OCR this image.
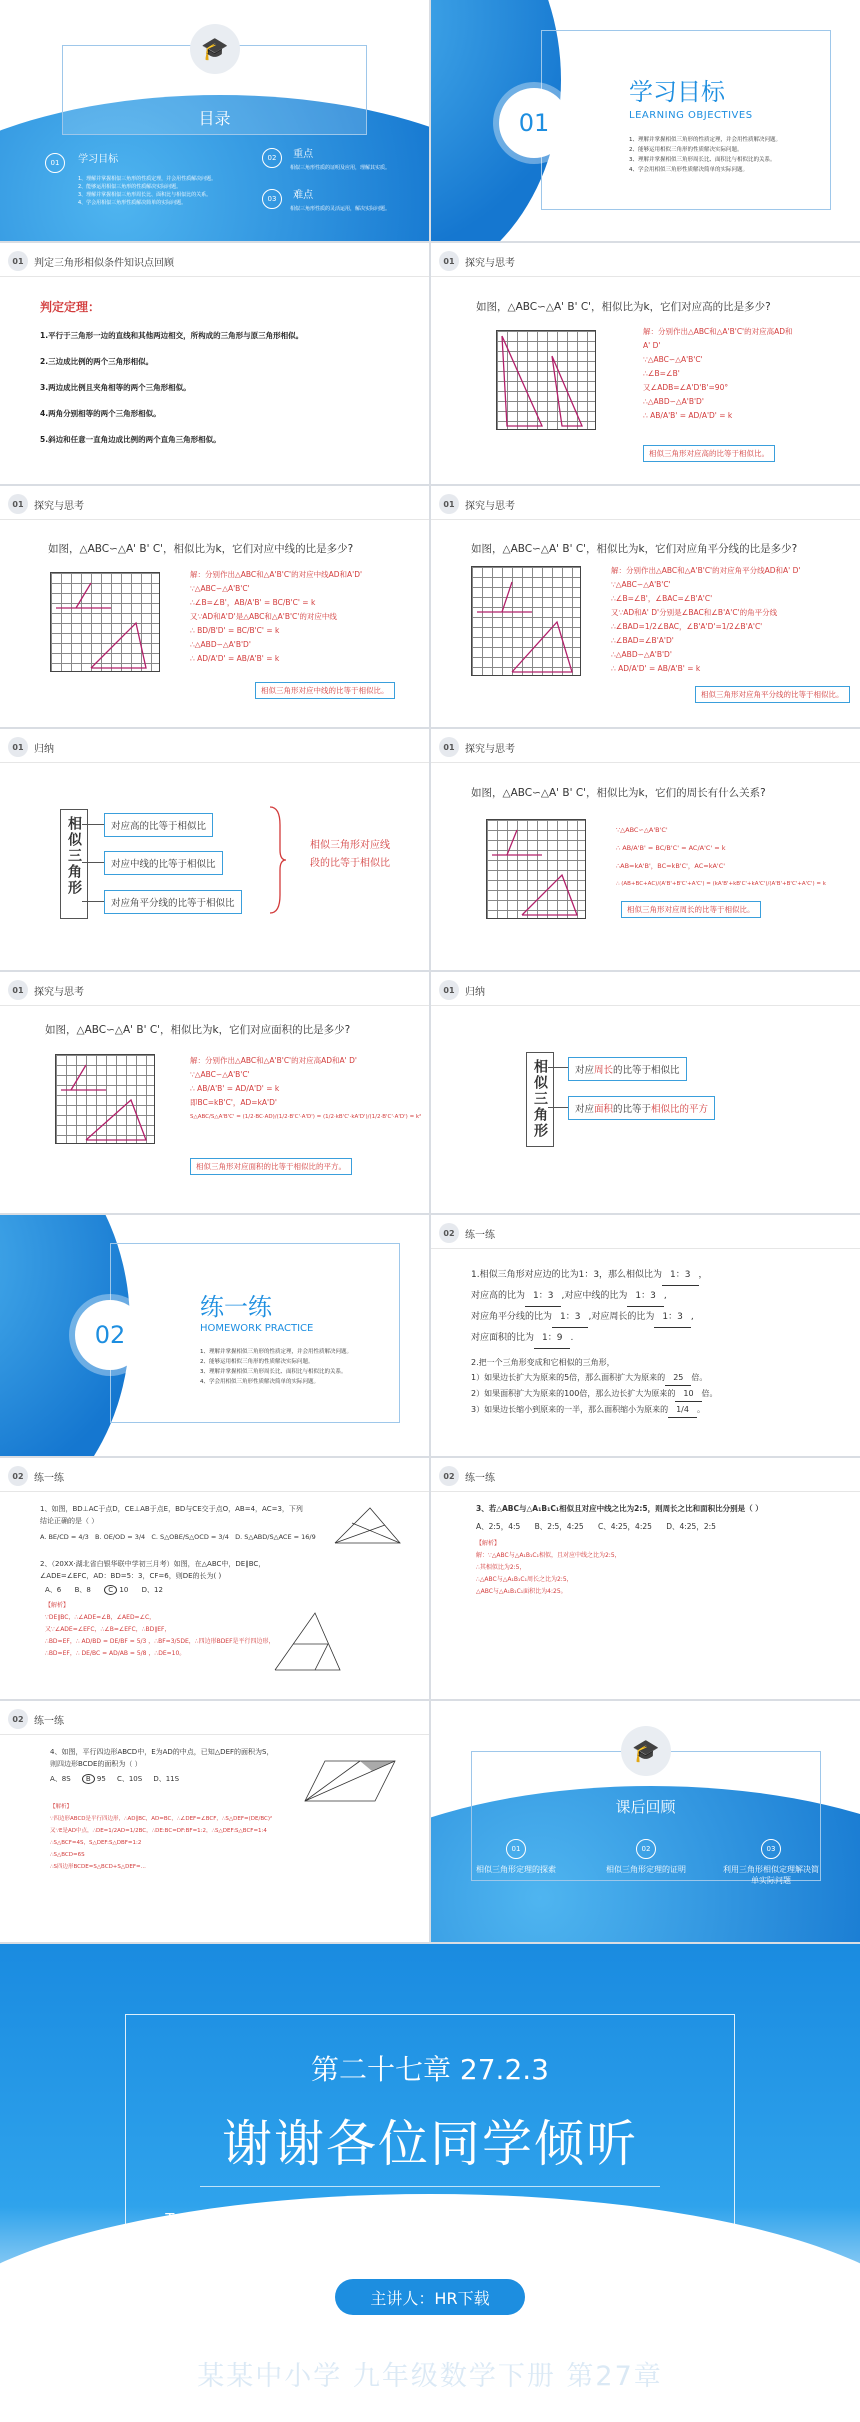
🎓
目录
01 $^{学习目标}$
1、理解并掌握相似三角形的性质定理，并会用性质解决问题。
2、能够运用相似三角形的性质解决实际问题。
3、理解并掌握相似三角形周长比、面积比与相似比的关系。
4、学会用相似三角形性质解决简单的实际问题。
02 $^{重点}$
相似三角形性质的证明及应用，理解其实质。
03 $^{难点}$
相似三角形性质的灵活运用，解决实际问题。
01
学习目标
LEARNING OBJECTIVES
1、理解并掌握相似三角形的性质定理，并会用性质解决问题。
2、能够运用相似三角形的性质解决实际问题。
3、理解并掌握相似三角形周长比、面积比与相似比的关系。
4、学会用相似三角形性质解决简单的实际问题。
01	判定三角形相似条件知识点回顾
判定定理：
1.平行于三角形一边的直线和其他两边相交，所构成的三角形与原三角形相似。
2.三边成比例的两个三角形相似。
3.两边成比例且夹角相等的两个三角形相似。
4.两角分别相等的两个三角形相似。
5.斜边和任意一直角边成比例的两个直角三角形相似。
01	探究与思考
如图，△ABC∽△A' B' C'，相似比为k，它们对应高的比是多少?
解：分别作出△ABC和△A'B'C'的对应高AD和
A' D'
∵△ABC∽△A'B'C'
∴∠B=∠B'
又∠ADB=∠A'D'B'=90°
∴△ABD∽△A'B'D'
∴ AB/A'B' = AD/A'D' = k
相似三角形对应高的比等于相似比。
01	探究与思考
如图，△ABC∽△A' B' C'，相似比为k，它们对应中线的比是多少?
解：分别作出△ABC和△A'B'C'的对应中线AD和A'D'
∵△ABC∽△A'B'C'
∴∠B=∠B'，AB/A'B' = BC/B'C' = k
又∵AD和A'D'是△ABC和△A'B'C'的对应中线
∴ BD/B'D' = BC/B'C' = k
∴△ABD∽△A'B'D'
∴ AD/A'D' = AB/A'B' = k
相似三角形对应中线的比等于相似比。
01	探究与思考
如图，△ABC∽△A' B' C'，相似比为k，它们对应角平分线的比是多少?
解：分别作出△ABC和△A'B'C'的对应角平分线AD和A' D'
∵△ABC∽△A'B'C'
∴∠B=∠B'，∠BAC=∠B'A'C'
又∵AD和A' D'分别是∠BAC和∠B'A'C'的角平分线
∴∠BAD=1/2∠BAC，∠B'A'D'=1/2∠B'A'C'
∴∠BAD=∠B'A'D'
∴△ABD∽△A'B'D'
∴ AD/A'D' = AB/A'B' = k
相似三角形对应角平分线的比等于相似比。
01	归纳
相似三角形	对应高的比等于相似比
对应中线的比等于相似比
对应角平分线的比等于相似比
相似三角形对应线段的比等于相似比
01	探究与思考
如图，△ABC∽△A' B' C'，相似比为k，它们的周长有什么关系?
∵△ABC∽△A'B'C'
∴ AB/A'B' = BC/B'C' = AC/A'C' = k
∴AB=kA'B'，BC=kB'C'，AC=kA'C'
∴ (AB+BC+AC)/(A'B'+B'C'+A'C') = (kA'B'+kB'C'+kA'C')/(A'B'+B'C'+A'C') = k
相似三角形对应周长的比等于相似比。
01	探究与思考
如图，△ABC∽△A' B' C'，相似比为k，它们对应面积的比是多少?
解：分别作出△ABC和△A'B'C'的对应高AD和A' D'
∵△ABC∽△A'B'C'
∴ AB/A'B' = AD/A'D' = k
即BC=kB'C'，AD=kA'D'
S△ABC/S△A'B'C' = (1/2·BC·AD)/(1/2·B'C'·A'D') = (1/2·kB'C'·kA'D')/(1/2·B'C'·A'D') = k²
相似三角形对应面积的比等于相似比的平方。
01	归纳
相似三角形	对应周长的比等于相似比
对应面积的比等于相似比的平方
02
练一练
HOMEWORK PRACTICE
1、理解并掌握相似三角形的性质定理，并会用性质解决问题。
2、能够运用相似三角形的性质解决实际问题。
3、理解并掌握相似三角形周长比、面积比与相似比的关系。
4、学会用相似三角形性质解决简单的实际问题。
02	练一练
1.相似三角形对应边的比为1：3，那么相似比为 1：3 ，
对应高的比为 1：3 ,对应中线的比为 1：3 ,
对应角平分线的比为 1：3 ,对应周长的比为 1：3 ,
对应面积的比为 1：9 .
2.把一个三角形变成和它相似的三角形，
1）如果边长扩大为原来的5倍，那么面积扩大为原来的 25 倍。
2）如果面积扩大为原来的100倍，那么边长扩大为原来的 10 倍。
3）如果边长缩小到原来的一半，那么面积缩小为原来的 1/4 。
02	练一练
1、如图，BD⊥AC于点D，CE⊥AB于点E，BD与CE交于点O，AB=4，AC=3，下列
结论正确的是（ ）
A. BE/CD = 4/3 B. OE/OD = 3/4 C. S△OBE/S△OCD = 3/4 D. S△ABD/S△ACE = 16/9
2、（20XX·湖北省白银华联中学初三月考）如图，在△ABC中，DE∥BC，
∠ADE=∠EFC，AD：BD=5：3，CF=6，则DE的长为( )
A、6 B、8 C 10 D、12
【解析】
∵DE∥BC，∴∠ADE=∠B，∠AED=∠C，
又∵∠ADE=∠EFC，∴∠B=∠EFC，∴BD∥EF，
∴BD=EF，∴ AD/BD = DE/BF = 5/3 ，∴BF=3/5DE，∴四边形BDEF是平行四边形，
∴BD=EF，∴ DE/BC = AD/AB = 5/8 ，∴DE=10。
02	练一练
3、若△ABC与△A₁B₁C₁相似且对应中线之比为2:5，则周长之比和面积比分别是（ ）
A、2:5，4:5 B、2:5，4:25 C、4:25，4:25 D、4:25，2:5
【解析】
解：∵△ABC与△A₁B₁C₁相似，且对应中线之比为2:5，
∴其相似比为2:5，
∴△ABC与△A₁B₁C₁周长之比为2:5，
△ABC与△A₁B₁C₁面积比为4:25。
02	练一练
4、如图，平行四边形ABCD中，E为AD的中点，已知△DEF的面积为S，
则四边形BCDE的面积为（ ）
A、8S B 95 C、10S D、11S
【解析】
∵四边形ABCD是平行四边形，∴AD∥BC，AD=BC，∴∠DEF=∠BCF，∴S△DEF=(DE/BC)²
又∵E是AD中点，∴DE=1/2AD=1/2BC，∴DE:BC=DF:BF=1:2，∴S△DEF:S△BCF=1:4
∴S△BCF=4S，S△DEF:S△DBF=1:2
∴S△BCD=6S
∴S四边形BCDE=S△BCD+S△DEF=...
🎓
课后回顾
01
相似三角形定理的探索
02
相似三角形定理的证明
03
利用三角形相似定理解决简单实际问题
第二十七章 27.2.3
谢谢各位同学倾听
THANK YOU FOR LISTENING
主讲人：HR下载
某某中小学 九年级数学下册 第27章
